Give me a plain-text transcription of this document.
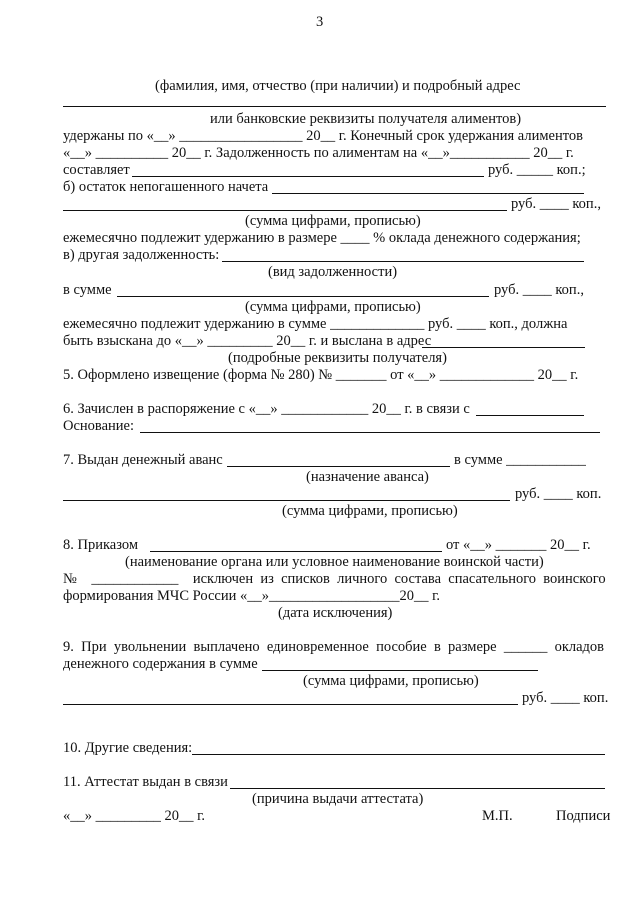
3
(фамилия, имя, отчество (при наличии) и подробный адрес
или банковские реквизиты получателя алиментов)
удержаны по «__» _________________ 20__ г. Конечный срок удержания алиментов
«__» __________ 20__ г. Задолженность по алиментам на «__»___________ 20__ г.
составляет	руб. _____ коп.;
б) остаток непогашенного начета
руб. ____ коп.,
(сумма цифрами, прописью)
ежемесячно подлежит удержанию в размере ____ % оклада денежного содержания;
в) другая задолженность:
(вид задолженности)
в сумме	руб. ____ коп.,
(сумма цифрами, прописью)
ежемесячно подлежит удержанию в сумме _____________ руб. ____ коп., должна
быть взыскана до «__» _________ 20__ г. и выслана в адрес
(подробные реквизиты получателя)
5. Оформлено извещение (форма № 280) № _______ от «__» _____________ 20__ г.
6. Зачислен в распоряжение с «__» ____________ 20__ г. в связи с
Основание:
7. Выдан денежный аванс	в сумме ___________
(назначение аванса)
руб. ____ коп.
(сумма цифрами, прописью)
8. Приказом	от «__» _______ 20__ г.
(наименование органа или условное наименование воинской части)
№    ____________    исключен  из  списков  личного  состава  спасательного  воинского
формирования МЧС России «__»__________________20__ г.
(дата исключения)
9.  При  увольнении  выплачено  единовременное  пособие  в  размере  ______  окладов
денежного содержания в сумме
(сумма цифрами, прописью)
руб. ____ коп.
10. Другие сведения:
11. Аттестат выдан в связи
(причина выдачи аттестата)
«__» _________ 20__ г.	М.П.	Подписи
